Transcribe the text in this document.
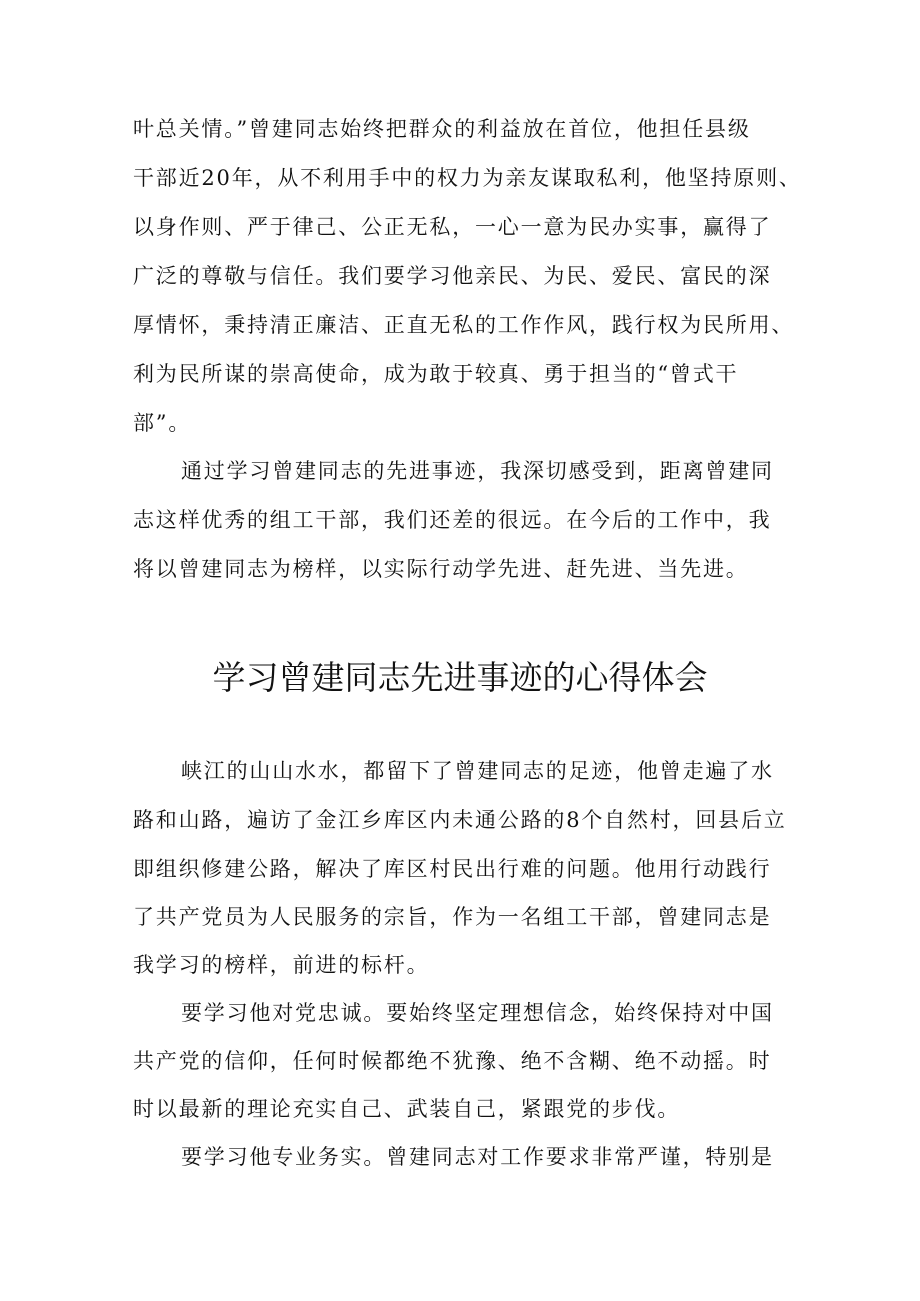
叶总关情。”曾建同志始终把群众的利益放在首位，他担任县级
干部近20年，从不利用手中的权力为亲友谋取私利，他坚持原则、
以身作则、严于律己、公正无私，一心一意为民办实事，赢得了
广泛的尊敬与信任。我们要学习他亲民、为民、爱民、富民的深
厚情怀，秉持清正廉洁、正直无私的工作作风，践行权为民所用、
利为民所谋的崇高使命，成为敢于较真、勇于担当的“曾式干
部”。
通过学习曾建同志的先进事迹，我深切感受到，距离曾建同
志这样优秀的组工干部，我们还差的很远。在今后的工作中，我
将以曾建同志为榜样，以实际行动学先进、赶先进、当先进。
学习曾建同志先进事迹的心得体会
峡江的山山水水，都留下了曾建同志的足迹，他曾走遍了水
路和山路，遍访了金江乡库区内未通公路的8个自然村，回县后立
即组织修建公路，解决了库区村民出行难的问题。他用行动践行
了共产党员为人民服务的宗旨，作为一名组工干部，曾建同志是
我学习的榜样，前进的标杆。
要学习他对党忠诚。要始终坚定理想信念，始终保持对中国
共产党的信仰，任何时候都绝不犹豫、绝不含糊、绝不动摇。时
时以最新的理论充实自己、武装自己，紧跟党的步伐。
要学习他专业务实。曾建同志对工作要求非常严谨，特别是
